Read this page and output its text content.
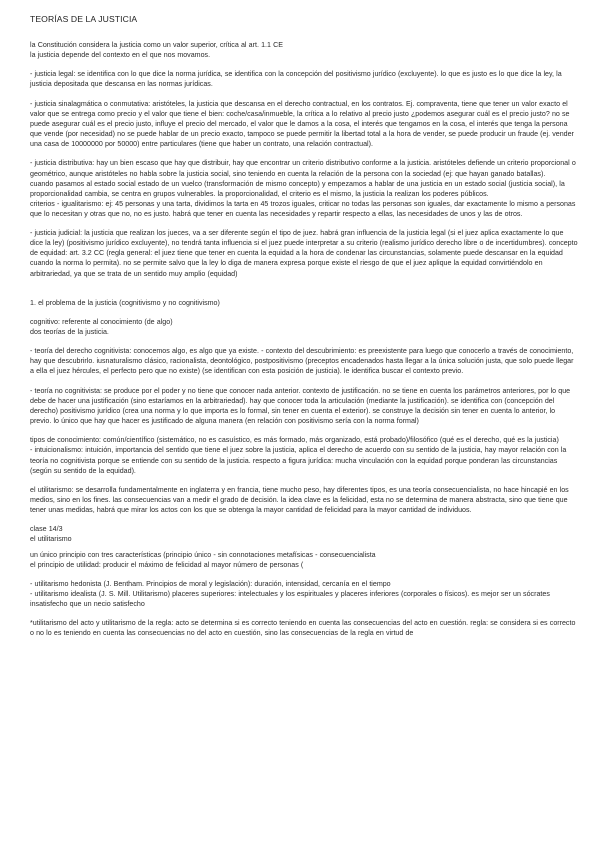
TEORÍAS DE LA JUSTICIA
la Constitución considera la justicia como un valor superior, crítica al art. 1.1 CE
la justicia depende del contexto en el que nos movamos.
- justicia legal: se identifica con lo que dice la norma jurídica, se identifica con la concepción del positivismo jurídico (excluyente). lo que es justo es lo que dice la ley, la justicia depositada que descansa en las normas jurídicas.
- justicia sinalagmática o conmutativa: aristóteles, la justicia que descansa en el derecho contractual, en los contratos. Ej. compraventa, tiene que tener un valor exacto el valor que se entrega como precio y el valor que tiene el bien: coche/casa/inmueble, la crítica a lo relativo al precio justo ¿podemos asegurar cuál es el precio justo? no se puede asegurar cuál es el precio justo, influye el precio del mercado, el valor que le damos a la cosa, el interés que tengamos en la cosa, el interés que tenga la persona que vende (por necesidad) no se puede hablar de un precio exacto, tampoco se puede permitir la libertad total a la hora de vender, se puede producir un fraude (ej. vender una casa de 10000000 por 50000) entre particulares (tiene que haber un contrato, una relación contractual).
- justicia distributiva: hay un bien escaso que hay que distribuir, hay que encontrar un criterio distributivo conforme a la justicia. aristóteles defiende un criterio proporcional o geométrico, aunque aristóteles no habla sobre la justicia social, sino teniendo en cuenta la relación de la persona con la sociedad (ej: que hayan ganado batallas).
cuando pasamos al estado social estado de un vuelco (transformación de mismo concepto) y empezamos a hablar de una justicia en un estado social (justicia social), la proporcionalidad cambia, se centra en grupos vulnerables. la proporcionalidad, el criterio es el mismo, la justicia la realizan los poderes públicos.
criterios - igualitarismo: ej: 45 personas y una tarta, dividimos la tarta en 45 trozos iguales, criticar no todas las personas son iguales, dar exactamente lo mismo a personas que lo necesitan y otras que no, no es justo. habrá que tener en cuenta las necesidades y repartir respecto a ellas, las necesidades de unos y las de otros.
- justicia judicial: la justicia que realizan los jueces, va a ser diferente según el tipo de juez. habrá gran influencia de la justicia legal (si el juez aplica exactamente lo que dice la ley) (positivismo jurídico excluyente), no tendrá tanta influencia si el juez puede interpretar a su criterio (realismo jurídico derecho libre o de incertidumbres). concepto de equidad: art. 3.2 CC (regla general: el juez tiene que tener en cuenta la equidad a la hora de condenar las circunstancias, solamente puede descansar en la equidad cuando la norma lo permita). no se permite salvo que la ley lo diga de manera expresa porque existe el riesgo de que el juez aplique la equidad convirtiéndolo en arbitrariedad, ya que se trata de un sentido muy amplio (equidad)
1. el problema de la justicia (cognitivismo y no cognitivismo)
cognitivo: referente al conocimiento (de algo)
dos teorías de la justicia.
- teoría del derecho cognitivista: conocemos algo, es algo que ya existe. - contexto del descubrimiento: es preexistente para luego que conocerlo a través de conocimiento, hay que descubrirlo. iusnaturalismo clásico, racionalista, deontológico, postpositivismo (preceptos encadenados hasta llegar a la única solución justa, que solo puede llegar a ella el juez hércules, el perfecto pero que no existe) (se identifican con esta posición de justicia). le identifica buscar el contexto previo.
- teoría no cognitivista: se produce por el poder y no tiene que conocer nada anterior. contexto de justificación. no se tiene en cuenta los parámetros anteriores, por lo que debe de hacer una justificación (sino estaríamos en la arbitrariedad). hay que conocer toda la articulación (mediante la justificación). se identifica con (concepción del derecho) positivismo jurídico (crea una norma y lo que importa es lo formal, sin tener en cuenta el exterior). se construye la decisión sin tener en cuenta lo anterior, lo previo. lo único que hay que hacer es justificado de alguna manera (en relación con positivismo sería con la norma formal)
tipos de conocimiento: común/científico (sistemático, no es casuístico, es más formado, más organizado, está probado)/filosófico (qué es el derecho, qué es la justicia)
- intuicionalismo: intuición, importancia del sentido que tiene el juez sobre la justicia, aplica el derecho de acuerdo con su sentido de la justicia, hay mayor relación con la teoría no cognitivista porque se entiende con su sentido de la justicia. respecto a figura jurídica: mucha vinculación con la equidad porque ponderan las circunstancias (según su sentido de la equidad).
el utilitarismo: se desarrolla fundamentalmente en inglaterra y en francia, tiene mucho peso, hay diferentes tipos, es una teoría consecuencialista, no hace hincapié en los medios, sino en los fines. las consecuencias van a medir el grado de decisión. la idea clave es la felicidad, esta no se determina de manera abstracta, sino que tiene que tener unas medidas, habrá que mirar los actos con los que se obtenga la mayor cantidad de felicidad para la mayor cantidad de individuos.
clase 14/3
el utilitarismo
un único principio con tres características (principio único - sin connotaciones metafísicas - consecuencialista
el principio de utilidad: producir el máximo de felicidad al mayor número de personas (
- utilitarismo hedonista (J. Bentham. Principios de moral y legislación): duración, intensidad, cercanía en el tiempo
- utilitarismo idealista (J. S. Mill. Utilitarismo) placeres superiores: intelectuales y los espirituales y placeres inferiores (corporales o físicos). es mejor ser un sócrates insatisfecho que un necio satisfecho
*utilitarismo del acto y utilitarismo de la regla: acto se determina si es correcto teniendo en cuenta las consecuencias del acto en cuestión. regla: se considera si es correcto o no lo es teniendo en cuenta las consecuencias no del acto en cuestión, sino las consecuencias de la regla en virtud de
